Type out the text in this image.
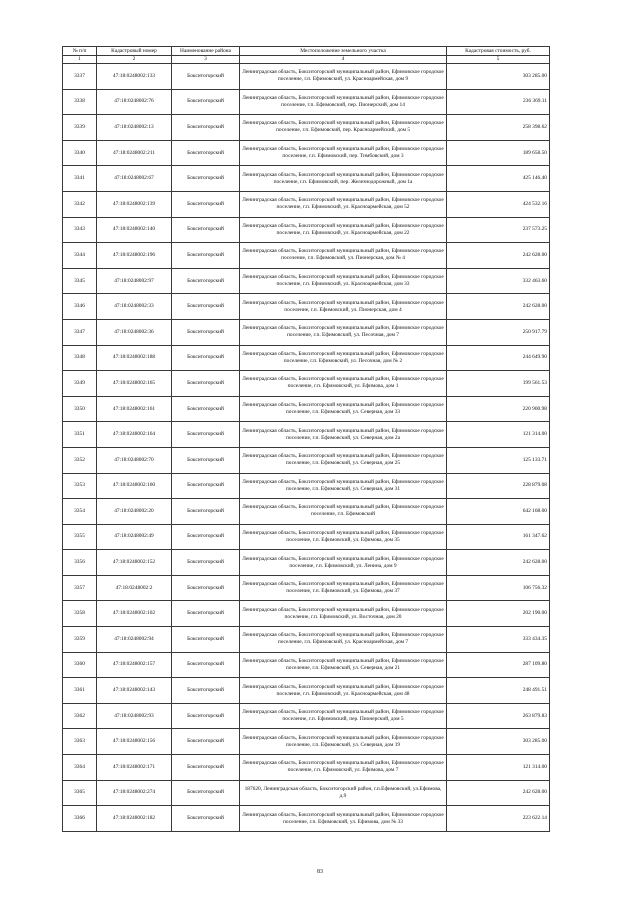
№ п/п	Кадастровый номер	Наименование района	Местоположение земельного участка	Кадастровая стоимость, руб.
1	2	3	4	5
3337	47:18:0248002:133	Бокситогорский	Ленинградская область, Бокситогорский муниципальный район, Ефимовское городское поселение, г.п. Ефимовский, ул. Красноармейская, дом 9	303 285.00
3338	47:18:0248002:76	Бокситогорский	Ленинградская область, Бокситогорский муниципальный район, Ефимовское городское поселение, г.п. Ефимовский, пер. Пионерский, дом 14	236 369.11
3339	47:18:0248002:13	Бокситогорский	Ленинградская область, Бокситогорский муниципальный район, Ефимовское городское поселение, г.п. Ефимовский, пер. Красноармейский, дом 5	258 398.62
3340	47:18:0248002:211	Бокситогорский	Ленинградская область, Бокситогорский муниципальный район, Ефимовское городское поселение, г.п. Ефимовский, пер. Тимбовский, дом 3	189 658.50
3341	47:18:0248002:67	Бокситогорский	Ленинградская область, Бокситогорский муниципальный район, Ефимовское городское поселение, г.п. Ефимовский, пер. Железнодорожный, дом 1а	425 146.40
3342	47:18:0248002:139	Бокситогорский	Ленинградская область, Бокситогорский муниципальный район, Ефимовское городское поселение, г.п. Ефимовский, ул. Красноармейская, дом 52	424 532.16
3343	47:18:0248002:140	Бокситогорский	Ленинградская область, Бокситогорский муниципальный район, Ефимовское городское поселение, г.п. Ефимовский, ул. Красноармейская, дом 22	237 573.25
3344	47:18:0248002:196	Бокситогорский	Ленинградская область, Бокситогорский муниципальный район, Ефимовское городское поселение, г.п. Ефимовский, ул. Пионерская, дом № 4	242 628.00
3345	47:18:0248002:97	Бокситогорский	Ленинградская область, Бокситогорский муниципальный район, Ефимовское городское поселение, г.п. Ефимовский, ул. Красноармейская, дом 33	332 463.60
3346	47:18:0248002:33	Бокситогорский	Ленинградская область, Бокситогорский муниципальный район, Ефимовское городское поселение, г.п. Ефимовский, ул. Пионерская, дом 4	242 628.00
3347	47:18:0248002:36	Бокситогорский	Ленинградская область, Бокситогорский муниципальный район, Ефимовское городское поселение, г.п. Ефимовский, ул. Песочная, дом 7	250 917.79
3348	47:18:0248002:188	Бокситогорский	Ленинградская область, Бокситогорский муниципальный район, Ефимовское городское поселение, г.п. Ефимовский, ул. Песочная, дом № 2	244 649.90
3349	47:18:0248002:165	Бокситогорский	Ленинградская область, Бокситогорский муниципальный район, Ефимовское городское поселение, г.п. Ефимовский, ул. Ефимова, дом 1	199 561.53
3350	47:18:0248002:161	Бокситогорский	Ленинградская область, Бокситогорский муниципальный район, Ефимовское городское поселение, г.п. Ефимовский, ул. Северная, дом 33	220 900.98
3351	47:18:0248002:164	Бокситогорский	Ленинградская область, Бокситогорский муниципальный район, Ефимовское городское поселение, г.п. Ефимовский, ул. Северная, дом 2а	121 314.00
3352	47:18:0248002:70	Бокситогорский	Ленинградская область, Бокситогорский муниципальный район, Ефимовское городское поселение, г.п. Ефимовский, ул. Северная, дом 25	125 133.71
3353	47:18:0248002:160	Бокситогорский	Ленинградская область, Бокситогорский муниципальный район, Ефимовское городское поселение, г.п. Ефимовский, ул. Северная, дом 31	228 879.08
3354	47:18:0248002:20	Бокситогорский	Ленинградская область, Бокситогорский муниципальный район, Ефимовское городское поселение, г.п. Ефимовский	642 168.00
3355	47:18:0248002:49	Бокситогорский	Ленинградская область, Бокситогорский муниципальный район, Ефимовское городское поселение, г.п. Ефимовский, ул. Ефимова, дом 35	161 347.62
3356	47:18:0248002:152	Бокситогорский	Ленинградская область, Бокситогорский муниципальный район, Ефимовское городское поселение, г.п. Ефимовский, ул. Ленина, дом 9	242 628.00
3357	47:18:0248002:2	Бокситогорский	Ленинградская область, Бокситогорский муниципальный район, Ефимовское городское поселение, г.п. Ефимовский, ул. Ефимова, дом 37	106 756.32
3358	47:18:0248002:102	Бокситогорский	Ленинградская область, Бокситогорский муниципальный район, Ефимовское городское поселение, г.п. Ефимовский, ул. Восточная, дом 20	202 190.00
3359	47:18:0248002:94	Бокситогорский	Ленинградская область, Бокситогорский муниципальный район, Ефимовское городское поселение, г.п. Ефимовский, ул. Красноармейская, дом 7	333 434.35
3360	47:18:0248002:157	Бокситогорский	Ленинградская область, Бокситогорский муниципальный район, Ефимовское городское поселение, г.п. Ефимовский, ул. Северная, дом 21	287 109.80
3361	47:18:0248002:143	Бокситогорский	Ленинградская область, Бокситогорский муниципальный район, Ефимовское городское поселение, г.п. Ефимовский, ул. Красноармейская, дом 48	248 491.51
3362	47:18:0248002:93	Бокситогорский	Ленинградская область, Бокситогорский муниципальный район, Ефимовское городское поселение, г.п. Ефимовский, пер. Пионерский, дом 5	263 879.83
3363	47:18:0248002:156	Бокситогорский	Ленинградская область, Бокситогорский муниципальный район, Ефимовское городское поселение, г.п. Ефимовский, ул. Северная, дом 19	303 285.00
3364	47:18:0248002:171	Бокситогорский	Ленинградская область, Бокситогорский муниципальный район, Ефимовское городское поселение, г.п. Ефимовский, ул. Ефимова, дом 7	121 314.00
3365	47:18:0248002:274	Бокситогорский	187620, Ленинградская область, Бокситогорский район, г.п.Ефимовский, ул.Ефимова, д.9	242 628.00
3366	47:18:0248002:182	Бокситогорский	Ленинградская область, Бокситогорский муниципальный район, Ефимовское городское поселение, г.п. Ефимовский, ул. Ефимова, дом № 33	223 622.14
83
